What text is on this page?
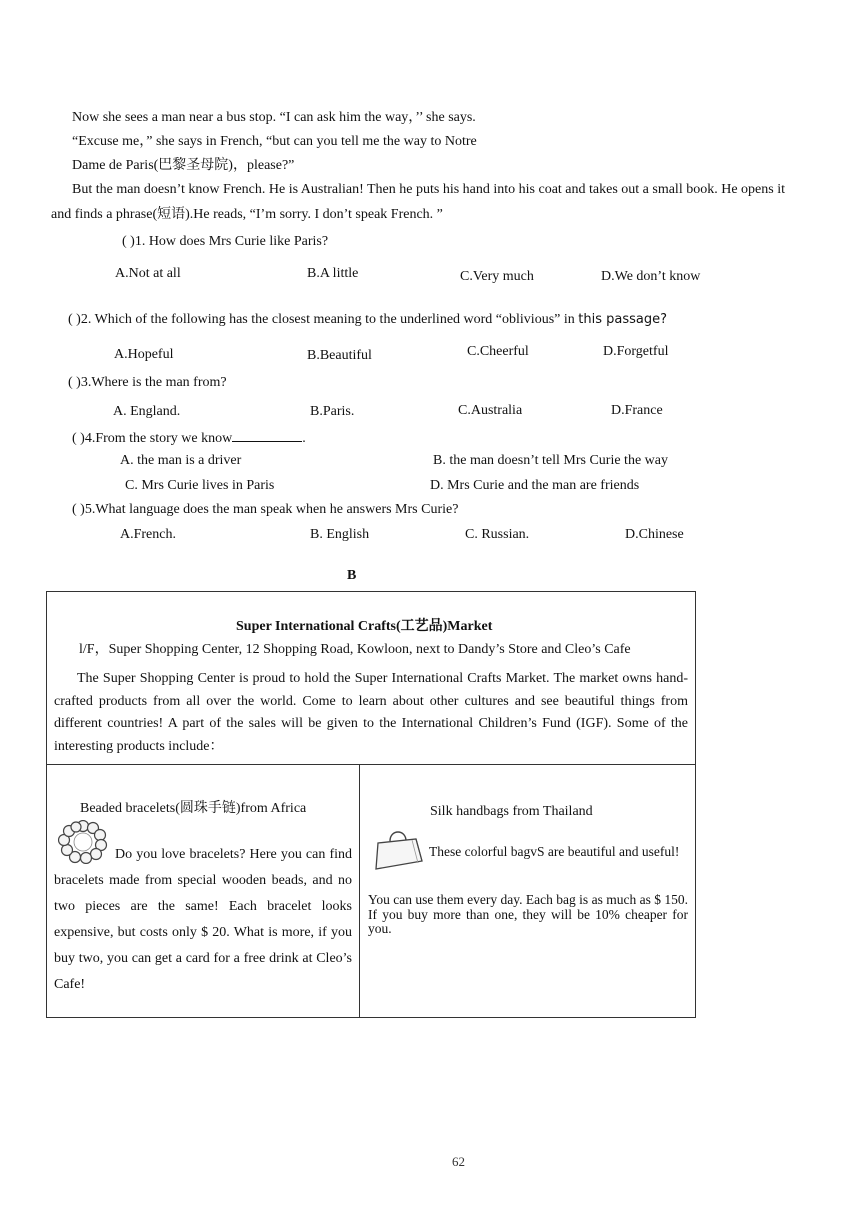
Now she sees a man near a bus stop. “I can ask him the way，’’ she says.
“Excuse me，” she says in French, “but can you tell me the way to Notre
Dame de Paris(巴黎圣母院)，please?”
But the man doesn’t know French. He is Australian! Then he puts his hand into his coat and takes out a small book. He opens it
and finds a phrase(短语).He reads, “I’m sorry. I don’t speak French. ”
( )1. How does Mrs Curie like Paris?
A.Not at all	B.A little	C.Very much	D.We don’t know
( )2. Which of the following has the closest meaning to the underlined word “oblivious” in this passage?
A.Hopeful	B.Beautiful	C.Cheerful	D.Forgetful
( )3.Where is the man from?
A. England.	B.Paris.	C.Australia	D.France
( )4.From the story we know	.
A. the man is a driver	B. the man doesn’t tell Mrs Curie the way
C. Mrs Curie lives in Paris	D. Mrs Curie and the man are friends
( )5.What language does the man speak when he answers Mrs Curie?
A.French.	B. English	C. Russian.	D.Chinese
B
Super International Crafts(工艺品)Market
l/F，Super Shopping Center, 12 Shopping Road, Kowloon, next to Dandy’s Store and Cleo’s Cafe
The Super Shopping Center is proud to hold the Super International Crafts Market. The market owns hand-crafted products from all over the world. Come to learn about other cultures and see beautiful things from different countries! A part of the sales will be given to the International Children’s Fund (IGF). Some of the interesting products include：
Beaded bracelets(圆珠手链)from Africa
Do you love bracelets? Here you can find bracelets made from special wooden beads, and no two pieces are the same! Each bracelet looks expensive, but costs only $ 20. What is more, if you buy two, you can get a card for a free drink at Cleo’s Cafe!
Silk handbags from Thailand
These colorful bagvS are beautiful and useful!
You can use them every day. Each bag is as much as $ 150. If you buy more than one, they will be 10% cheaper for you.
62
